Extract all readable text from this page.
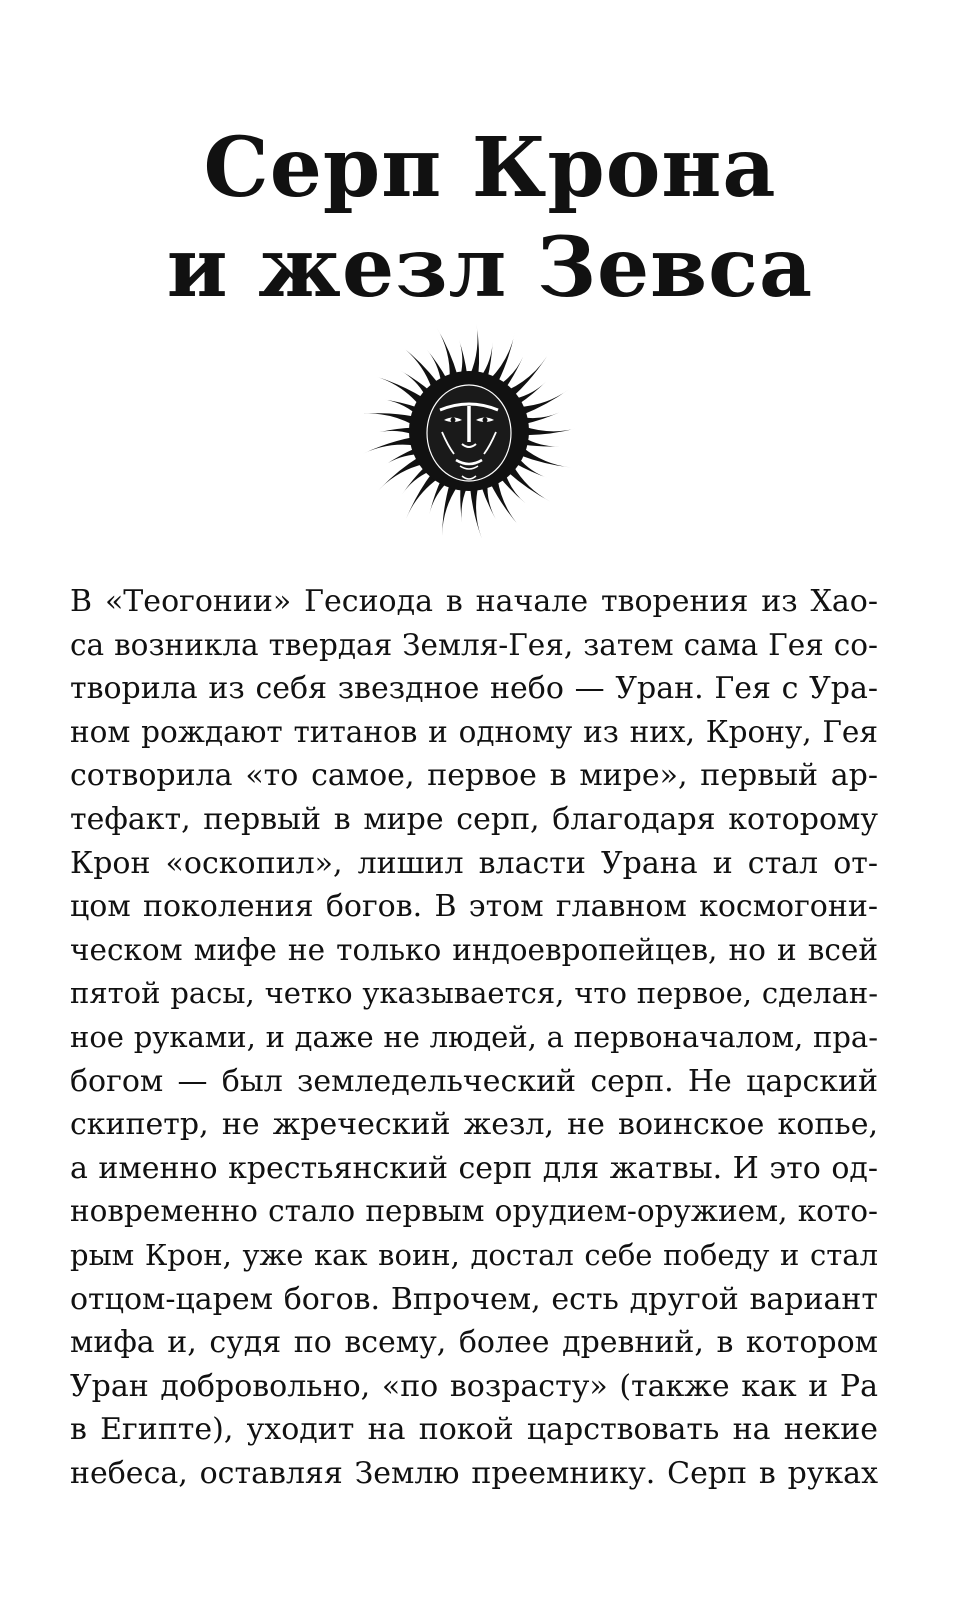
Серп Крона
и жезл Зевса
В «Теогонии» Гесиода в начале творения из Хао-
са возникла твердая Земля-Гея, затем сама Гея со-
творила из себя звездное небо — Уран. Гея с Ура-
ном рождают титанов и одному из них, Крону, Гея
сотворила «то самое, первое в мире», первый ар-
тефакт, первый в мире серп, благодаря которому
Крон «оскопил», лишил власти Урана и стал от-
цом поколения богов. В этом главном космогони-
ческом мифе не только индоевропейцев, но и всей
пятой расы, четко указывается, что первое, сделан-
ное руками, и даже не людей, а первоначалом, пра-
богом — был земледельческий серп. Не царский
скипетр, не жреческий жезл, не воинское копье,
а именно крестьянский серп для жатвы. И это од-
новременно стало первым орудием-оружием, кото-
рым Крон, уже как воин, достал себе победу и стал
отцом-царем богов. Впрочем, есть другой вариант
мифа и, судя по всему, более древний, в котором
Уран добровольно, «по возрасту» (также как и Ра
в Египте), уходит на покой царствовать на некие
небеса, оставляя Землю преемнику. Серп в руках
